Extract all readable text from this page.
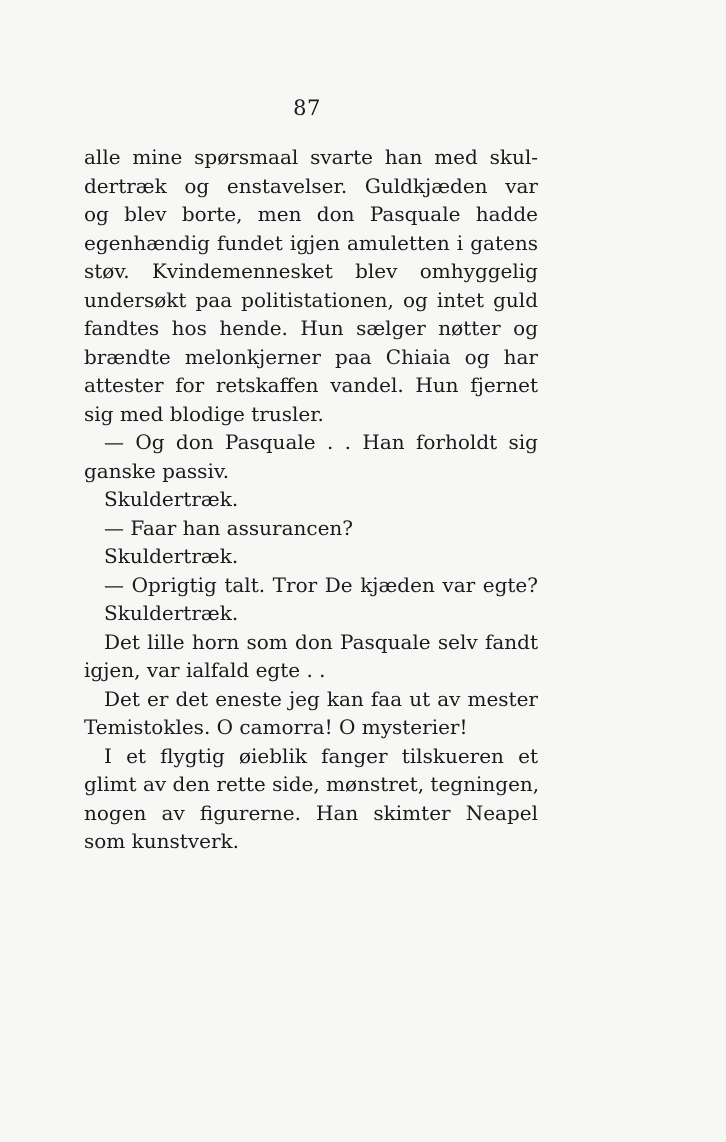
87
alle mine spørsmaal svarte han med skul-
dertræk og enstavelser. Guldkjæden var
og blev borte, men don Pasquale hadde
egenhændig fundet igjen amuletten i gatens
støv. Kvindemennesket blev omhyggelig
undersøkt paa politistationen, og intet guld
fandtes hos hende. Hun sælger nøtter og
brændte melonkjerner paa Chiaia og har
attester for retskaffen vandel. Hun fjernet
sig med blodige trusler.
— Og don Pasquale . . Han forholdt sig
ganske passiv.
Skuldertræk.
— Faar han assurancen?
Skuldertræk.
— Oprigtig talt. Tror De kjæden var egte?
Skuldertræk.
Det lille horn som don Pasquale selv fandt
igjen, var ialfald egte . .
Det er det eneste jeg kan faa ut av mester
Temistokles. O camorra! O mysterier!
I et flygtig øieblik fanger tilskueren et
glimt av den rette side, mønstret, tegningen,
nogen av figurerne. Han skimter Neapel
som kunstverk.
